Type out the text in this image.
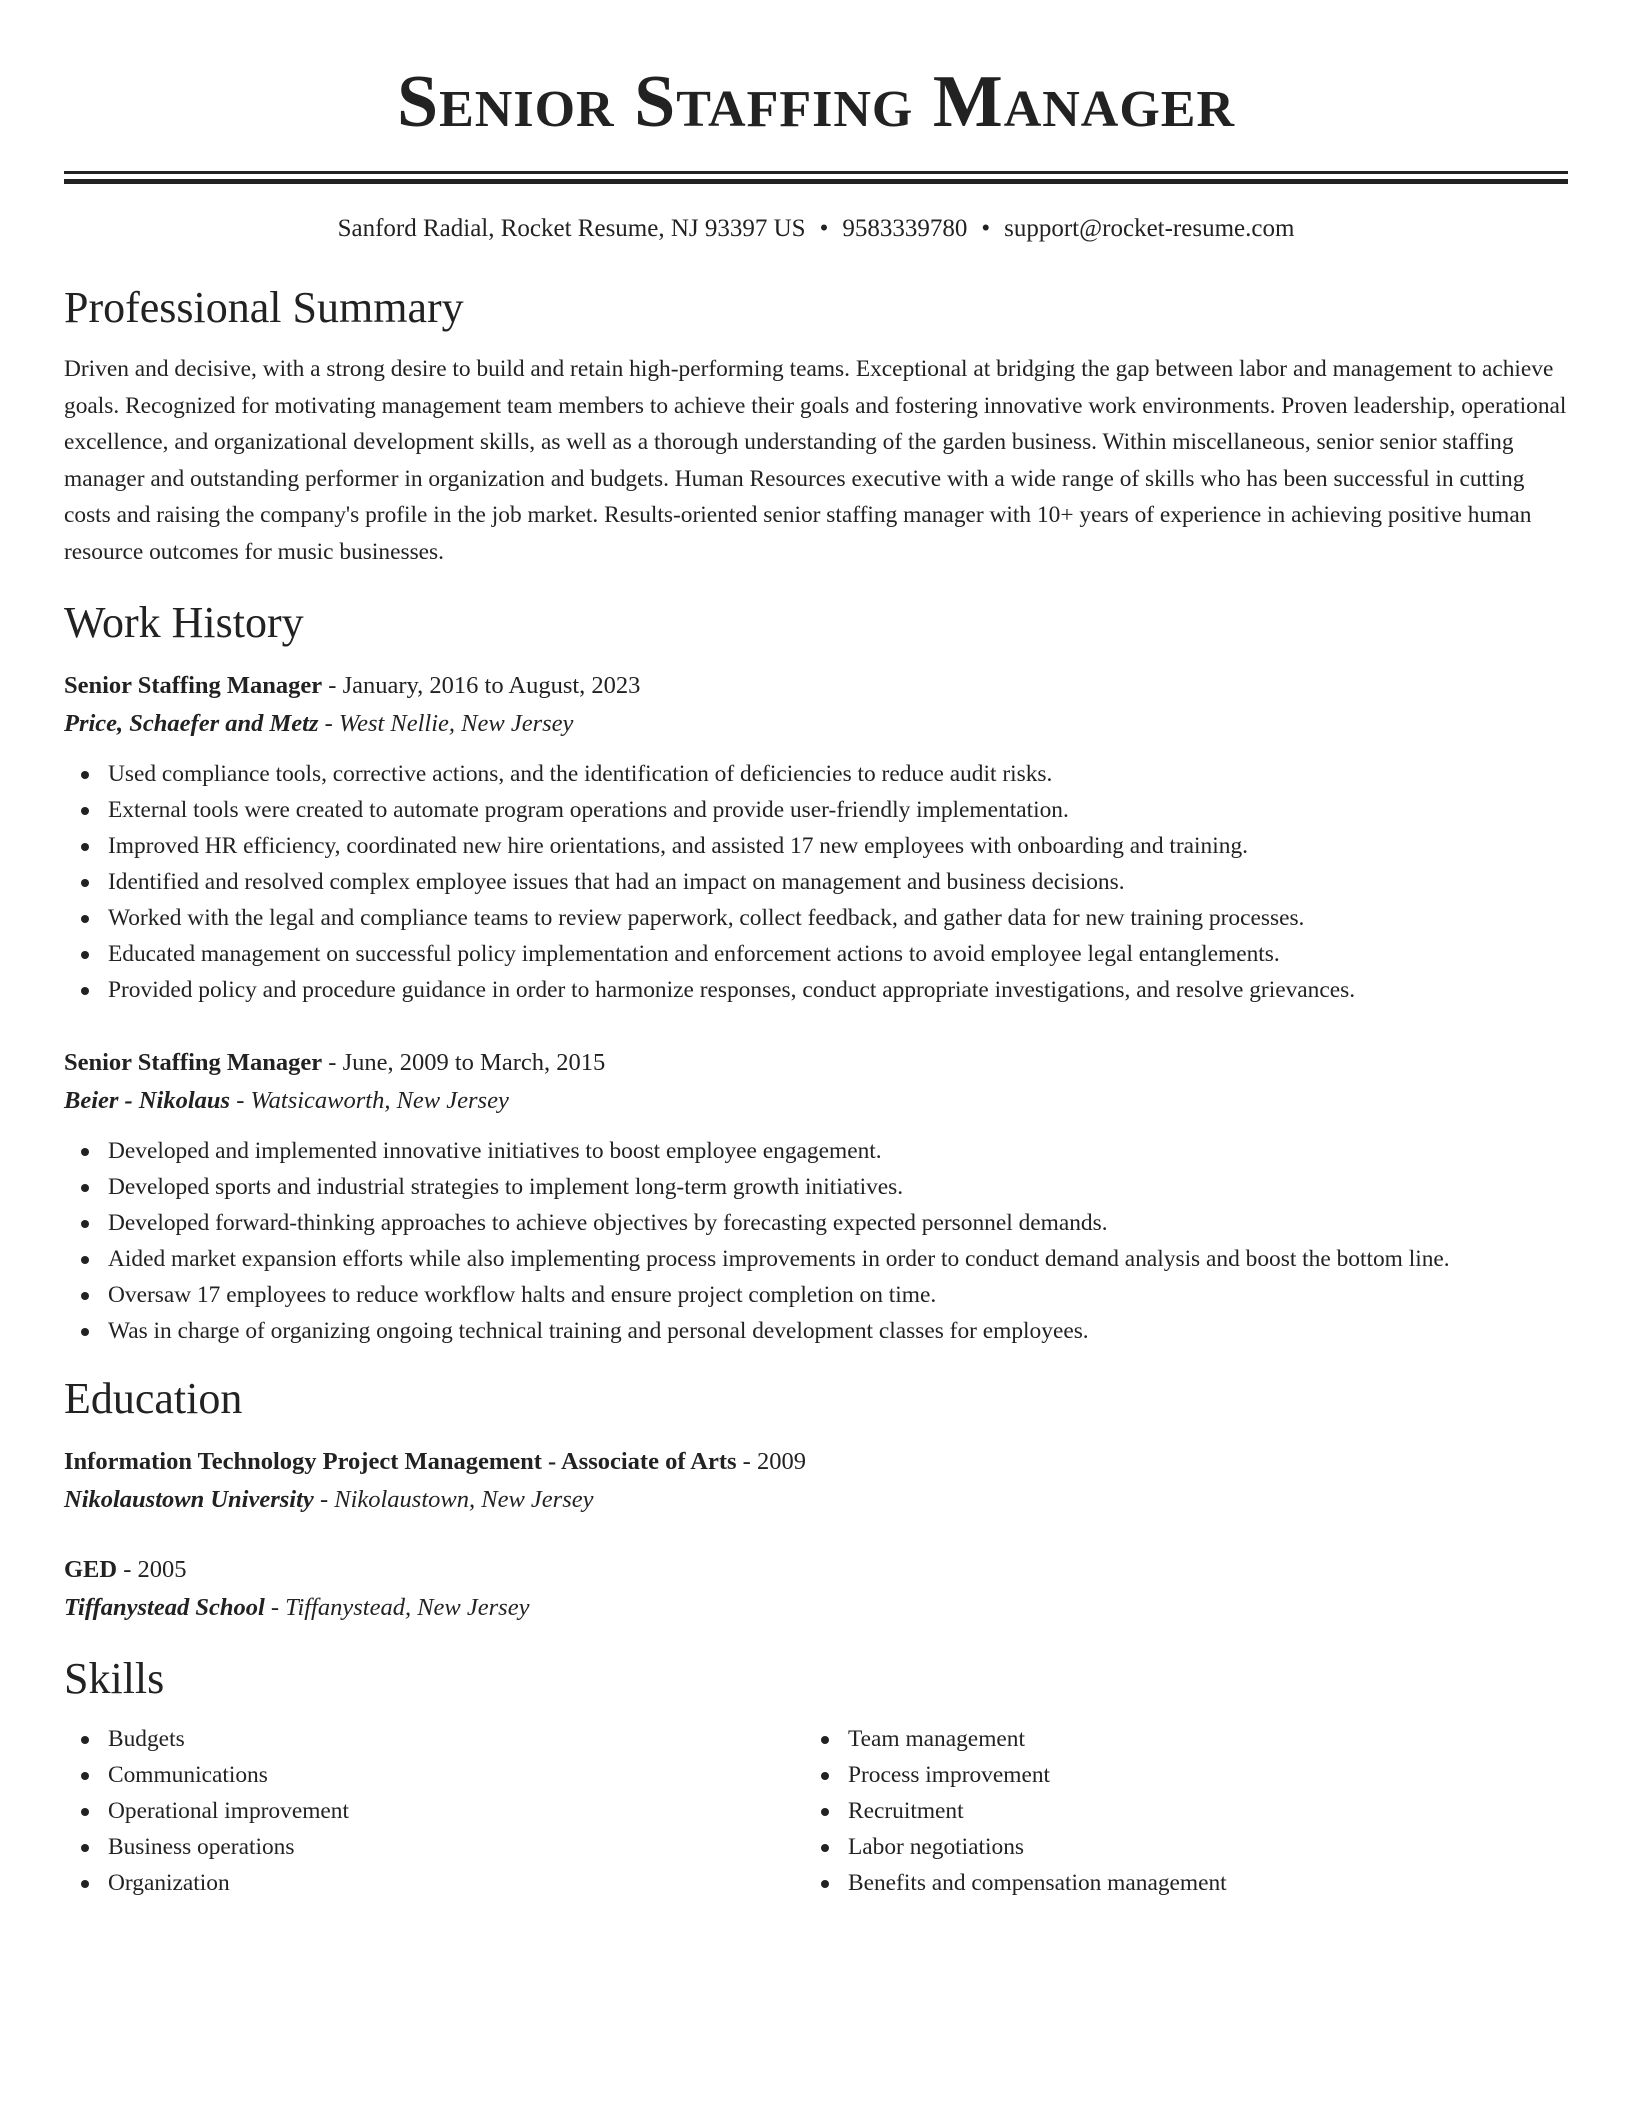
Senior Staffing Manager
Sanford Radial, Rocket Resume, NJ 93397 US • 9583339780 • support@rocket-resume.com
Professional Summary

Driven and decisive, with a strong desire to build and retain high-performing teams. Exceptional at bridging the gap between labor and management to achieve goals. Recognized for motivating management team members to achieve their goals and fostering innovative work environments. Proven leadership, operational excellence, and organizational development skills, as well as a thorough understanding of the garden business. Within miscellaneous, senior senior staffing manager and outstanding performer in organization and budgets. Human Resources executive with a wide range of skills who has been successful in cutting costs and raising the company's profile in the job market. Results-oriented senior staffing manager with 10+ years of experience in achieving positive human resource outcomes for music businesses.

Work History
Senior Staffing Manager - January, 2016 to August, 2023
Price, Schaefer and Metz - West Nellie, New Jersey
Used compliance tools, corrective actions, and the identification of deficiencies to reduce audit risks.
External tools were created to automate program operations and provide user-friendly implementation.
Improved HR efficiency, coordinated new hire orientations, and assisted 17 new employees with onboarding and training.
Identified and resolved complex employee issues that had an impact on management and business decisions.
Worked with the legal and compliance teams to review paperwork, collect feedback, and gather data for new training processes.
Educated management on successful policy implementation and enforcement actions to avoid employee legal entanglements.
Provided policy and procedure guidance in order to harmonize responses, conduct appropriate investigations, and resolve grievances.
Senior Staffing Manager - June, 2009 to March, 2015
Beier - Nikolaus - Watsicaworth, New Jersey
Developed and implemented innovative initiatives to boost employee engagement.
Developed sports and industrial strategies to implement long-term growth initiatives.
Developed forward-thinking approaches to achieve objectives by forecasting expected personnel demands.
Aided market expansion efforts while also implementing process improvements in order to conduct demand analysis and boost the bottom line.
Oversaw 17 employees to reduce workflow halts and ensure project completion on time.
Was in charge of organizing ongoing technical training and personal development classes for employees.
Education
Information Technology Project Management - Associate of Arts - 2009
Nikolaustown University - Nikolaustown, New Jersey
GED - 2005
Tiffanystead School - Tiffanystead, New Jersey
Skills
Budgets
Communications
Operational improvement
Business operations
Organization
Team management
Process improvement
Recruitment
Labor negotiations
Benefits and compensation management
